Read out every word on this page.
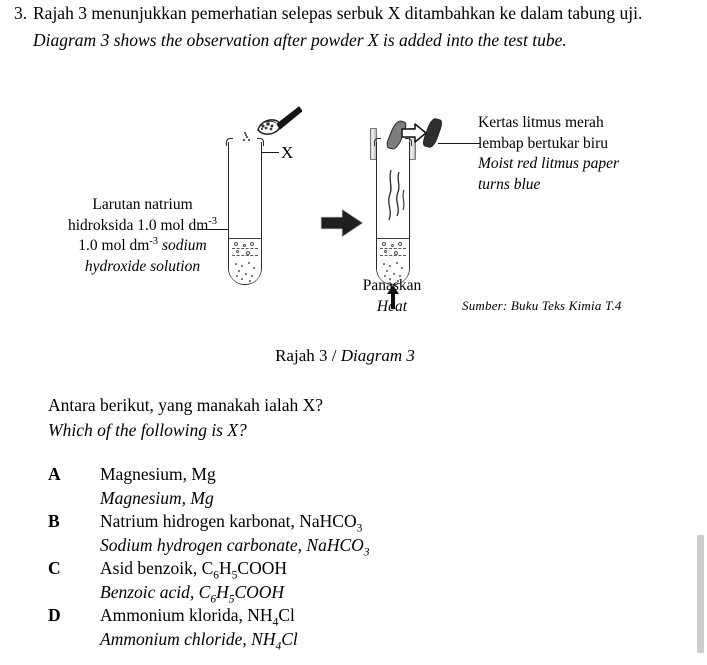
3. Rajah 3 menunjukkan pemerhatian selepas serbuk X ditambahkan ke dalam tabung uji.
Diagram 3 shows the observation after powder X is added into the test tube.
Larutan natrium
hidroksida 1.0 mol $dm^{-3}$
1.0 mol $dm^{-3}$ sodium
hydroxide solution
X
Kertas litmus merah
lembap bertukar biru
Moist red litmus paper
turns blue
Panaskan
Heat	Sumber: Buku Teks Kimia T.4
Rajah 3 / Diagram 3
Antara berikut, yang manakah ialah X?
Which of the following is X?
A	Magnesium, Mg
Magnesium, Mg
B	Natrium hidrogen karbonat, NaHCO$_3$
Sodium hydrogen carbonate, NaHCO$_3$
C	Asid benzoik, $C_6H_5COOH$
Benzoic acid, $C_6H_5COOH$
D	Ammonium klorida, $NH_4Cl$
Ammonium chloride, $NH_4Cl$
